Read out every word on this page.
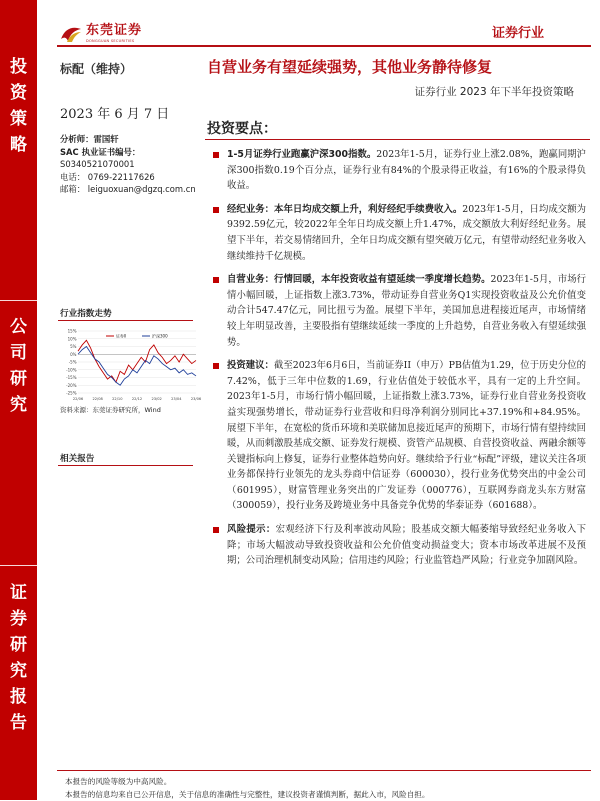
投
资
策
略
公
司
研
究
证
券
研
究
报
告
东莞证券
DONGGUAN SECURITIES	证券行业
标配（维持）	自营业务有望延续强势，其他业务静待修复
证券行业 2023 年下半年投资策略
2023 年 6 月 7 日
分析师：雷国轩
SAC 执业证书编号：
S0340521070001
电话： 0769-22117626
邮箱： leiguoxuan@dgzq.com.cn
行业指数走势
15%
10%
5%
0%
-5%
-10%
-15%
-20%
-25%
22/06	22/08	22/10	22/12	23/02	23/04	23/06
证券II	沪深300
资料来源：东莞证券研究所，Wind
相关报告
投资要点：
1-5月证券行业跑赢沪深300指数。2023年1-5月，证券行业上涨2.08%，跑赢同期沪深300指数0.19个百分点，证券行业有84%的个股录得正收益，有16%的个股录得负收益。
经纪业务：本年日均成交额上升，利好经纪手续费收入。2023年1-5月，日均成交额为9392.59亿元，较2022年全年日均成交额上升1.47%，成交额放大利好经纪业务。展望下半年，若交易情绪回升，全年日均成交额有望突破万亿元，有望带动经纪业务收入继续维持千亿规模。
自营业务：行情回暖，本年投资收益有望延续一季度增长趋势。2023年1-5月，市场行情小幅回暖，上证指数上涨3.73%，带动证券自营业务Q1实现投资收益及公允价值变动合计547.47亿元，同比扭亏为盈。展望下半年，美国加息进程接近尾声，市场情绪较上年明显改善，主要股指有望继续延续一季度的上升趋势，自营业务收入有望延续强势。
投资建议：截至2023年6月6日，当前证券II（申万）PB估值为1.29，位于历史分位的7.42%，低于三年中位数的1.69，行业估值处于较低水平，具有一定的上升空间。2023年1-5月，市场行情小幅回暖，上证指数上涨3.73%，证券行业自营业务投资收益实现强势增长，带动证券行业营收和归母净利润分别同比+37.19%和+84.95%。展望下半年，在宽松的货币环境和美联储加息接近尾声的预期下，市场行情有望持续回暖，从而刺激股基成交额、证券发行规模、资管产品规模、自营投资收益、两融余额等关键指标向上修复，证券行业整体趋势向好。继续给予行业“标配”评级，建议关注各项业务都保持行业领先的龙头券商中信证券（600030），投行业务优势突出的中金公司（601995），财富管理业务突出的广发证券（000776），互联网券商龙头东方财富（300059），投行业务及跨境业务中具备竞争优势的华泰证券（601688）。
风险提示：宏观经济下行及利率波动风险；股基成交额大幅萎缩导致经纪业务收入下降；市场大幅波动导致投资收益和公允价值变动损益变大；资本市场改革进展不及预期；公司治理机制变动风险；信用违约风险；行业监管趋严风险；行业竞争加剧风险。
本报告的风险等级为中高风险。
本报告的信息均来自已公开信息，关于信息的准确性与完整性，建议投资者谨慎判断，据此入市，风险自担。
